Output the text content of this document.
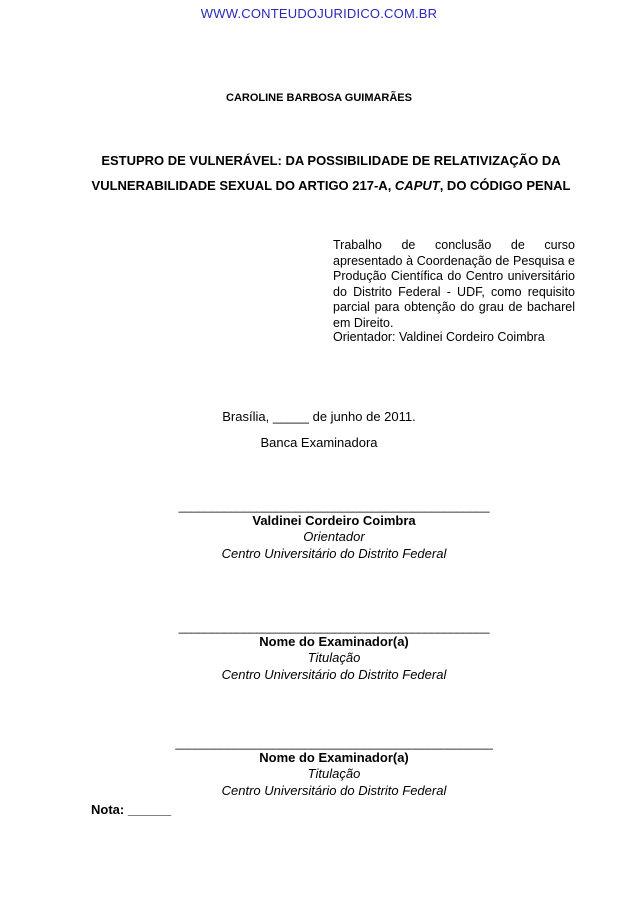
WWW.CONTEUDOJURIDICO.COM.BR
CAROLINE BARBOSA GUIMARÃES
ESTUPRO DE VULNERÁVEL: DA POSSIBILIDADE DE RELATIVIZAÇÃO DA VULNERABILIDADE SEXUAL DO ARTIGO 217-A, CAPUT, DO CÓDIGO PENAL
Trabalho de conclusão de curso apresentado à Coordenação de Pesquisa e Produção Científica do Centro universitário do Distrito Federal - UDF, como requisito parcial para obtenção do grau de bacharel em Direito.
Orientador: Valdinei Cordeiro Coimbra
Brasília, _____ de junho de 2011.
Banca Examinadora
________________________________________________
Valdinei Cordeiro Coimbra
Orientador
Centro Universitário do Distrito Federal
________________________________________________
Nome do Examinador(a)
Titulação
Centro Universitário do Distrito Federal
_________________________________________________
Nome do Examinador(a)
Titulação
Centro Universitário do Distrito Federal
Nota: ______
